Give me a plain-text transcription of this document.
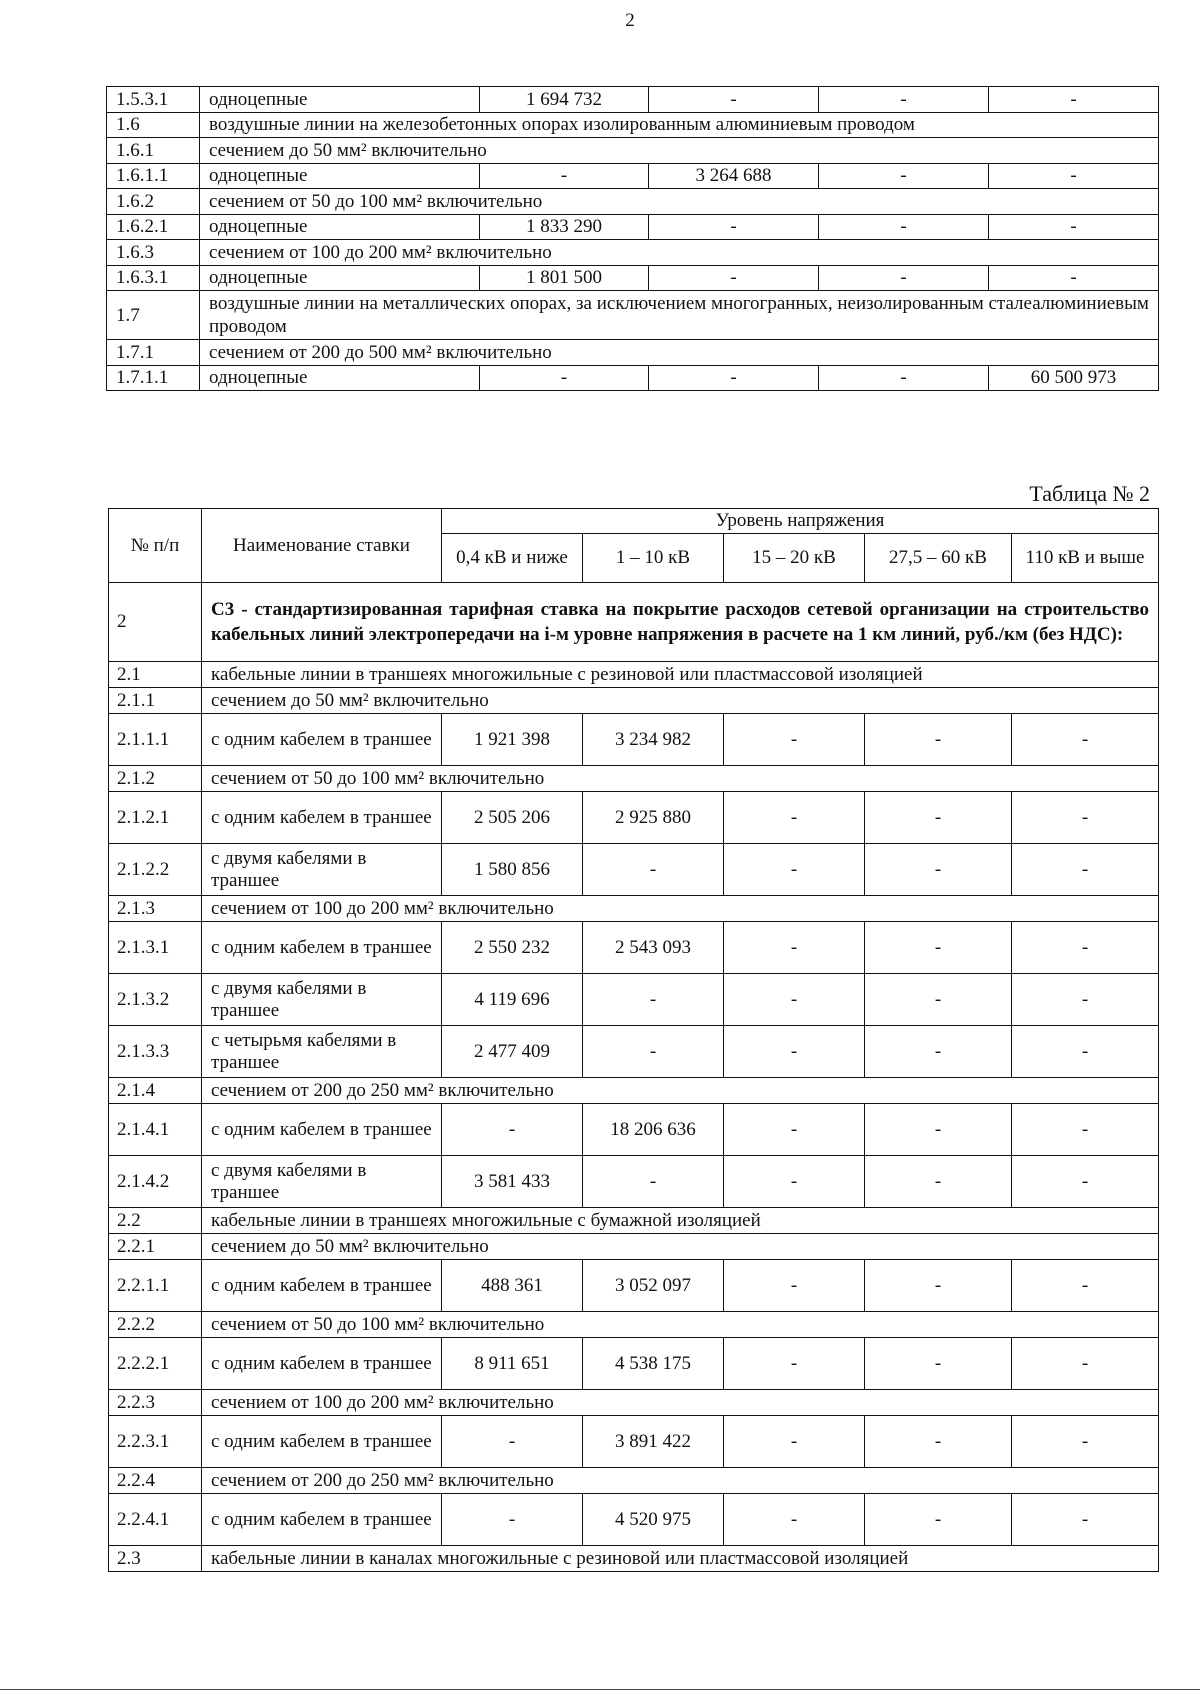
2
1.5.3.1	одноцепные	1 694 732	-	-	-
1.6	воздушные линии на железобетонных опорах изолированным алюминиевым проводом				
1.6.1	сечением до 50 мм² включительно				
1.6.1.1	одноцепные	-	3 264 688	-	-
1.6.2	сечением от 50 до 100 мм² включительно				
1.6.2.1	одноцепные	1 833 290	-	-	-
1.6.3	сечением от 100 до 200 мм² включительно				
1.6.3.1	одноцепные	1 801 500	-	-	-
1.7	воздушные линии на металлических опорах, за исключением многогранных, неизолированным сталеалюминиевым проводом				
1.7.1	сечением от 200 до 500 мм² включительно				
1.7.1.1	одноцепные	-	-	-	60 500 973
Таблица № 2
№ п/п	Наименование ставки	Уровень напряжения				
		0,4 кВ и ниже	1 – 10 кВ	15 – 20 кВ	27,5 – 60 кВ	110 кВ и выше
2	С3 - стандартизированная тарифная ставка на покрытие расходов сетевой организации на строительство кабельных линий электропередачи на i-м уровне напряжения в расчете на 1 км линий, руб./км (без НДС):					
2.1	кабельные линии в траншеях многожильные с резиновой или пластмассовой изоляцией					
2.1.1	сечением до 50 мм² включительно					
2.1.1.1	с одним кабелем в траншее	1 921 398	3 234 982	-	-	-
2.1.2	сечением от 50 до 100 мм² включительно					
2.1.2.1	с одним кабелем в траншее	2 505 206	2 925 880	-	-	-
2.1.2.2	с двумя кабелями в траншее	1 580 856	-	-	-	-
2.1.3	сечением от 100 до 200 мм² включительно					
2.1.3.1	с одним кабелем в траншее	2 550 232	2 543 093	-	-	-
2.1.3.2	с двумя кабелями в траншее	4 119 696	-	-	-	-
2.1.3.3	с четырьмя кабелями в траншее	2 477 409	-	-	-	-
2.1.4	сечением от 200 до 250 мм² включительно					
2.1.4.1	с одним кабелем в траншее	-	18 206 636	-	-	-
2.1.4.2	с двумя кабелями в траншее	3 581 433	-	-	-	-
2.2	кабельные линии в траншеях многожильные с бумажной изоляцией					
2.2.1	сечением до 50 мм² включительно					
2.2.1.1	с одним кабелем в траншее	488 361	3 052 097	-	-	-
2.2.2	сечением от 50 до 100 мм² включительно					
2.2.2.1	с одним кабелем в траншее	8 911 651	4 538 175	-	-	-
2.2.3	сечением от 100 до 200 мм² включительно					
2.2.3.1	с одним кабелем в траншее	-	3 891 422	-	-	-
2.2.4	сечением от 200 до 250 мм² включительно					
2.2.4.1	с одним кабелем в траншее	-	4 520 975	-	-	-
2.3	кабельные линии в каналах многожильные с резиновой или пластмассовой изоляцией					
